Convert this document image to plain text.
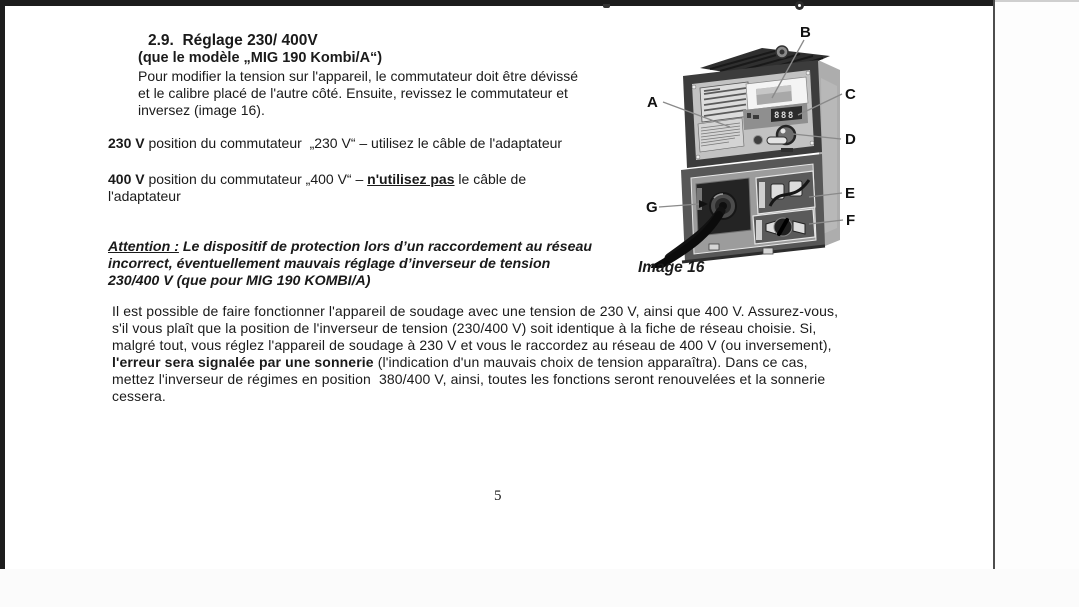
2.9.  Réglage 230/ 400V
(que le modèle „MIG 190 Kombi/A“)
Pour modifier la tension sur l'appareil, le commutateur doit être dévissé
et le calibre placé de l'autre côté. Ensuite, revissez le commutateur et
inversez (image 16).
230 V position du commutateur  „230 V“ – utilisez le câble de l'adaptateur
400 V position du commutateur „400 V“ – n'utilisez pas le câble de
l'adaptateur
Attention : Le dispositif de protection lors d’un raccordement au réseau
incorrect, éventuellement mauvais réglage d’inverseur de tension
230/400 V (que pour MIG 190 KOMBI/A)
Il est possible de faire fonctionner l'appareil de soudage avec une tension de 230 V, ainsi que 400 V. Assurez-vous,
s'il vous plaît que la position de l'inverseur de tension (230/400 V) soit identique à la fiche de réseau choisie. Si,
malgré tout, vous réglez l'appareil de soudage à 230 V et vous le raccordez au réseau de 400 V (ou inversement),
l'erreur sera signalée par une sonnerie (l'indication d'un mauvais choix de tension apparaîtra). Dans ce cas,
mettez l'inverseur de régimes en position  380/400 V, ainsi, toutes les fonctions seront renouvelées et la sonnerie
cessera.
888
A
B
C
D
E
F
G
Image 16
5
